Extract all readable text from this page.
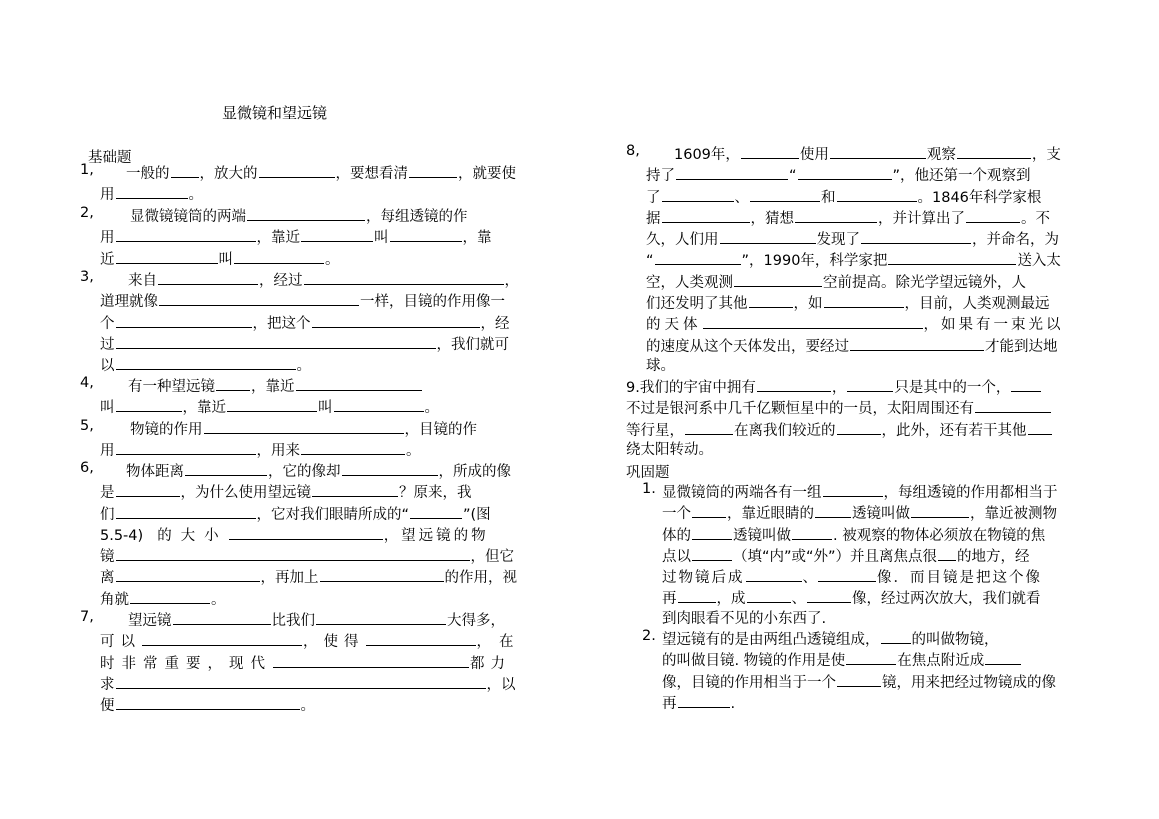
显微镜和望远镜
基础题
1,	一般的 ，放大的	，要想看清	，就要使
用	。
2,	显微镜镜筒的两端	，每组透镜的作
用	，靠近	叫	，靠
近	叫	。
3,	来自	，经过	，
道理就像	一样，目镜的作用像一
个	，把这个	，经
过	，我们就可
以	。
4,	有一种望远镜 ，靠近
叫	，靠近	叫	。
5,	物镜的作用	，目镜的作
用	，用来	。
6,	物体距离	，它的像却	，所成的像
是	，为什么使用望远镜	？原来，我
们	，它对我们眼睛所成的“	”(图
5.5-4) 的大小	，望远镜的物
镜	，但它
离	，再加上	的作用，视
角就	。
7,	望远镜	比我们	大得多，
可以	，使得	，在
时非常重要，现代	都力
求	，以
便	。
8,	1609年，	使用	观察	，支
持了	“	”，他还第一个观察到
了	、	和	。1846年科学家根
据	，猜想	，并计算出了	。不
久，人们用	发现了	，并命名，为
“	”，1990年，科学家把	送入太
空，人类观测	空前提高。除光学望远镜外，人
们还发明了其他	，如	，目前，人类观测最远
的天体	，如果有一束光以
的速度从这个天体发出，要经过	才能到达地
球。
9.我们的宇宙中拥有	，	只是其中的一个，
不过是银河系中几千亿颗恒星中的一员，太阳周围还有
等行星，	在离我们较近的	，此外，还有若干其他
绕太阳转动。
巩固题
1. 显微镜筒的两端各有一组	，每组透镜的作用都相当于
一个 ，靠近眼睛的	透镜叫做	，靠近被测物
体的	透镜叫做	. 被观察的物体必须放在物镜的焦
点以	（填“内”或“外”）并且离焦点很 的地方，经
过物镜后成	、	像．而目镜是把这个像
再	，成	、	像，经过两次放大，我们就看
到肉眼看不见的小东西了.
2. 望远镜有的是由两组凸透镜组成， 的叫做物镜，
的叫做目镜. 物镜的作用是使	在焦点附近成
像，目镜的作用相当于一个	镜，用来把经过物镜成的像
再	.
